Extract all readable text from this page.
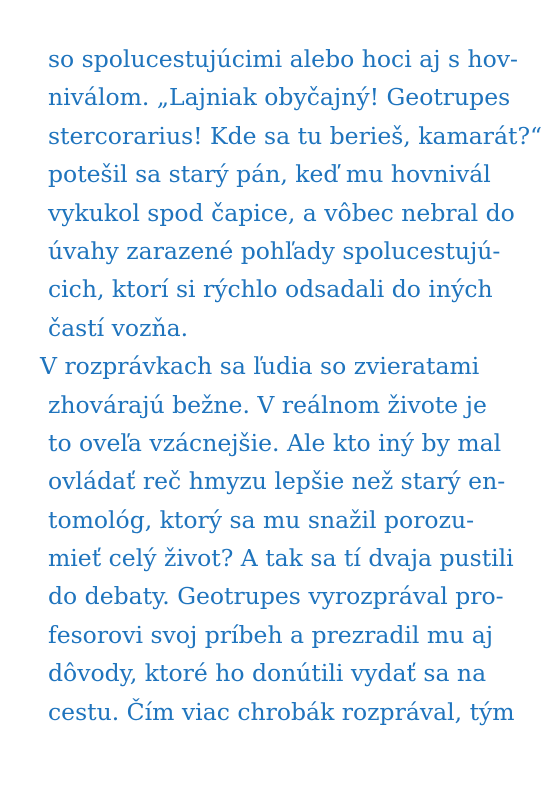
so spolucestujúcimi alebo hoci aj s hov-
niválom. „Lajniak obyčajný! Geotrupes
stercorarius! Kde sa tu berieš, kamarát?“
potešil sa starý pán, keď mu hovnivál
vykukol spod čapice, a vôbec nebral do
úvahy zarazené pohľady spolucestujú-
cich, ktorí si rýchlo odsadali do iných
častí vozňa.
V rozprávkach sa ľudia so zvieratami
zhovárajú bežne. V reálnom živote je
to oveľa vzácnejšie. Ale kto iný by mal
ovládať reč hmyzu lepšie než starý en-
tomológ, ktorý sa mu snažil porozu-
mieť celý život? A tak sa tí dvaja pustili
do debaty. Geotrupes vyrozprával pro-
fesorovi svoj príbeh a prezradil mu aj
dôvody, ktoré ho donútili vydať sa na
cestu. Čím viac chrobák rozprával, tým
